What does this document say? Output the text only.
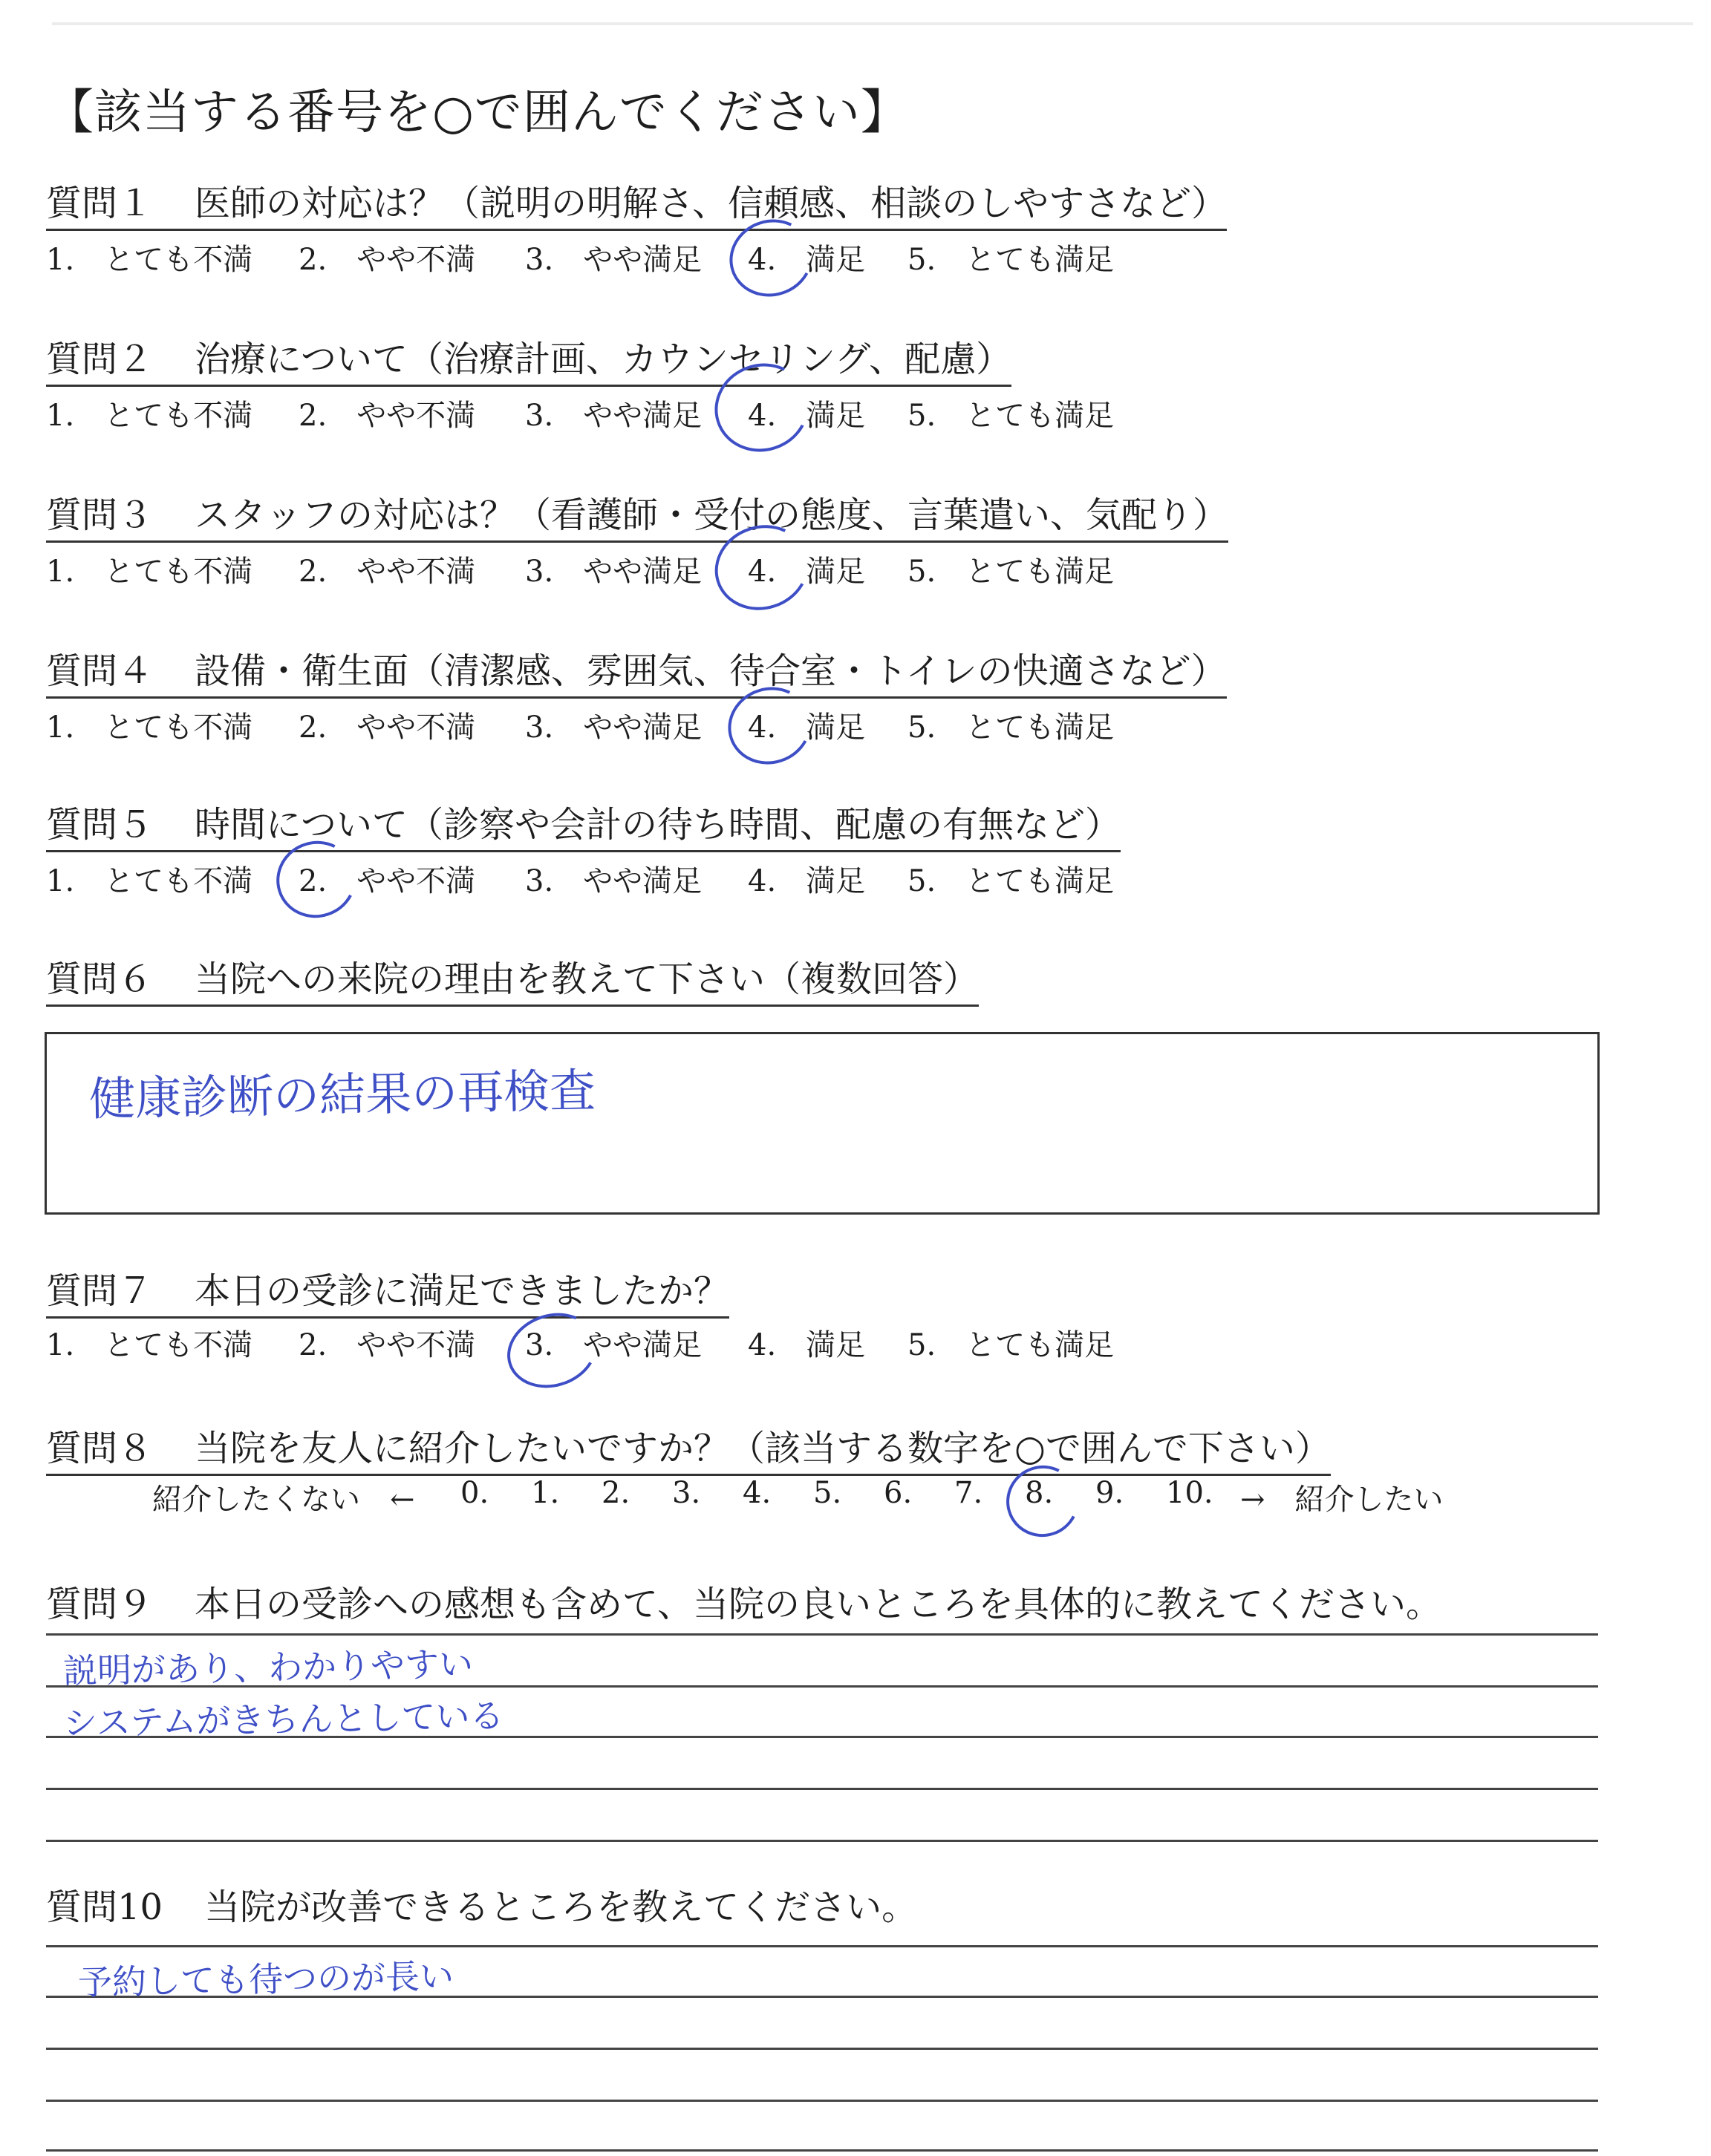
【該当する番号を○で囲んでください】
質問１ 医師の対応は？（説明の明解さ、信頼感、相談のしやすさなど）
1.　とても不満 2.　やや不満 3.　やや満足 4.　満足 5.　とても満足
質問２ 治療について（治療計画、カウンセリング、配慮）
1.　とても不満 2.　やや不満 3.　やや満足 4.　満足 5.　とても満足
質問３ スタッフの対応は？（看護師・受付の態度、言葉遣い、気配り）
1.　とても不満 2.　やや不満 3.　やや満足 4.　満足 5.　とても満足
質問４ 設備・衛生面（清潔感、雰囲気、待合室・トイレの快適さなど）
1.　とても不満 2.　やや不満 3.　やや満足 4.　満足 5.　とても満足
質問５ 時間について（診察や会計の待ち時間、配慮の有無など）
1.　とても不満 2.　やや不満 3.　やや満足 4.　満足 5.　とても満足
質問６ 当院への来院の理由を教えて下さい（複数回答）
健康診断の結果の再検査
質問７ 本日の受診に満足できましたか？
1.　とても不満 2.　やや不満 3.　やや満足 4.　満足 5.　とても満足
質問８ 当院を友人に紹介したいですか？（該当する数字を○で囲んで下さい）
紹介したくない　← 0. 1. 2. 3. 4. 5. 6. 7. 8. 9. 10. →　紹介したい
質問９ 本日の受診への感想も含めて、当院の良いところを具体的に教えてください。
説明があり、わかりやすい
システムがきちんとしている
質問10 当院が改善できるところを教えてください。
予約しても待つのが長い
